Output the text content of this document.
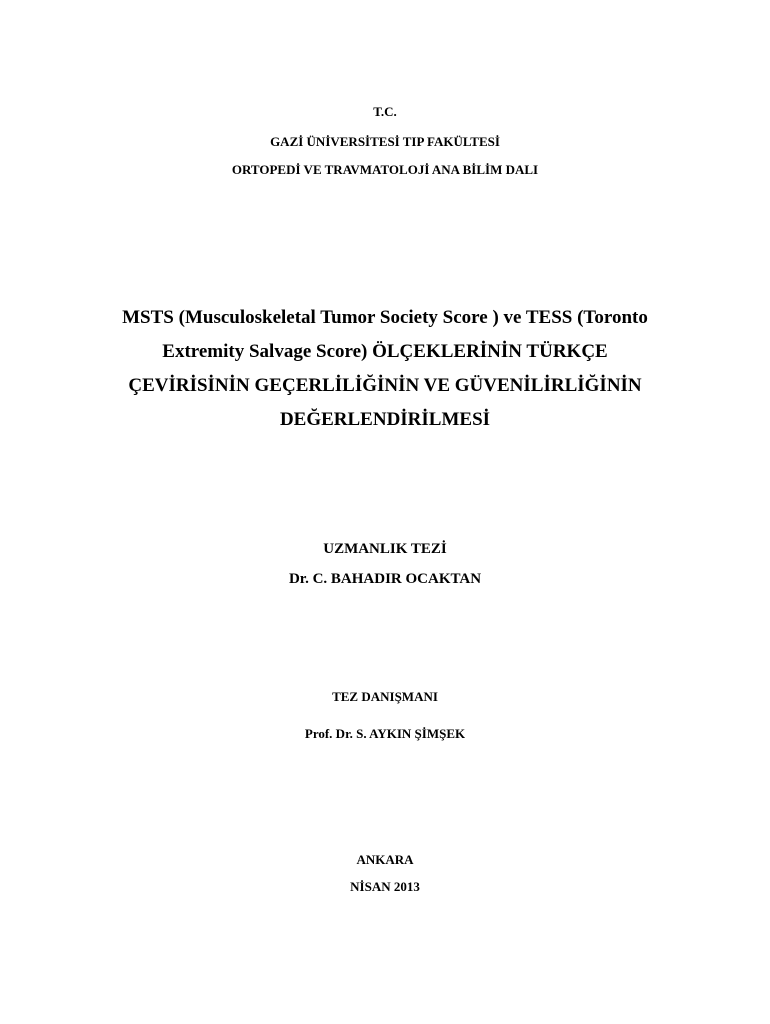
T.C.
GAZİ ÜNİVERSİTESİ TIP FAKÜLTESİ
ORTOPEDİ VE TRAVMATOLOJİ ANA BİLİM DALI
MSTS (Musculoskeletal Tumor Society Score ) ve TESS (Toronto
Extremity Salvage Score) ÖLÇEKLERİNİN TÜRKÇE
ÇEVİRİSİNİN GEÇERLİLİĞİNİN VE GÜVENİLİRLİĞİNİN
DEĞERLENDİRİLMESİ
UZMANLIK TEZİ
Dr. C. BAHADIR OCAKTAN
TEZ DANIŞMANI
Prof. Dr. S. AYKIN ŞİMŞEK
ANKARA
NİSAN 2013
